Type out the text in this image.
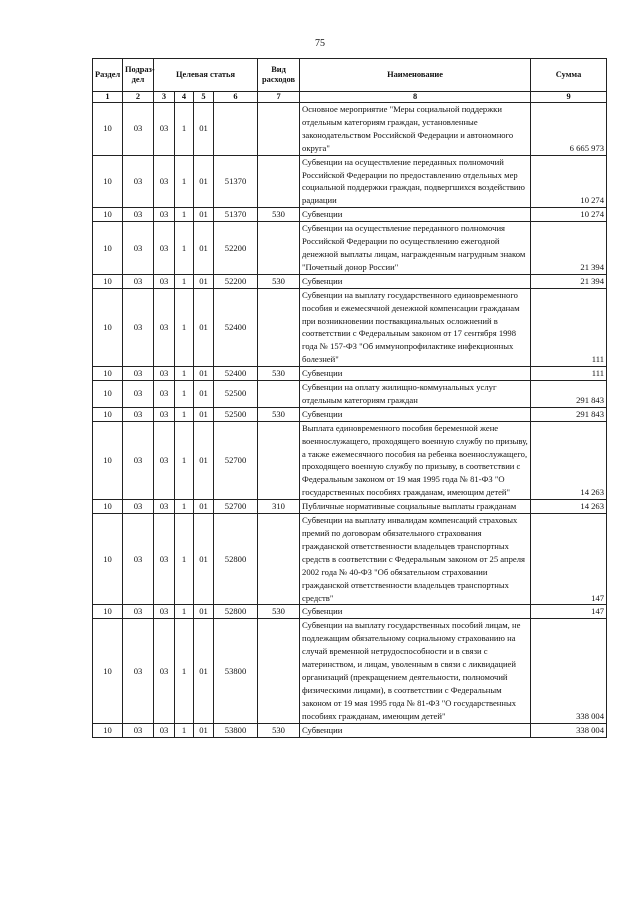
75
Раздел	Подраз-дел	Целевая статья				Вид расходов	Наименование	Сумма
1	2	3	4	5	6	7	8	9
10	03	03	1	01			Основное мероприятие "Меры социальной поддержки отдельным категориям граждан, установленные законодательством Российской Федерации и автономного округа"	6 665 973
10	03	03	1	01	51370		Субвенции на осуществление переданных полномочий Российской Федерации по предоставлению отдельных мер социальной поддержки граждан, подвергшихся воздействию радиации	10 274
10	03	03	1	01	51370	530	Субвенции	10 274
10	03	03	1	01	52200		Субвенции на осуществление переданного полномочия Российской Федерации по осуществлению ежегодной денежной выплаты лицам, награжденным нагрудным знаком "Почетный донор России"	21 394
10	03	03	1	01	52200	530	Субвенции	21 394
10	03	03	1	01	52400		Субвенции на выплату государственного единовременного пособия и ежемесячной денежной компенсации гражданам при возникновении поствакцинальных осложнений в соответствии с Федеральным законом от 17 сентября 1998 года № 157-ФЗ "Об иммунопрофилактике инфекционных болезней"	111
10	03	03	1	01	52400	530	Субвенции	111
10	03	03	1	01	52500		Субвенции на оплату жилищно-коммунальных услуг отдельным категориям граждан	291 843
10	03	03	1	01	52500	530	Субвенции	291 843
10	03	03	1	01	52700		Выплата единовременного пособия беременной жене военнослужащего, проходящего военную службу по призыву, а также ежемесячного пособия на ребенка военнослужащего, проходящего военную службу по призыву, в соответствии с Федеральным законом от 19 мая 1995 года № 81-ФЗ "О государственных пособиях гражданам, имеющим детей"	14 263
10	03	03	1	01	52700	310	Публичные нормативные социальные выплаты гражданам	14 263
10	03	03	1	01	52800		Субвенции на выплату инвалидам компенсаций страховых премий по договорам обязательного страхования гражданской ответственности владельцев транспортных средств в соответствии с Федеральным законом от 25 апреля 2002 года № 40-ФЗ "Об обязательном страховании гражданской ответственности владельцев транспортных средств"	147
10	03	03	1	01	52800	530	Субвенции	147
10	03	03	1	01	53800		Субвенции на выплату государственных пособий лицам, не подлежащим обязательному социальному страхованию на случай временной нетрудоспособности и в связи с материнством, и лицам, уволенным в связи с ликвидацией организаций (прекращением деятельности, полномочий физическими лицами), в соответствии с Федеральным законом от 19 мая 1995 года № 81-ФЗ "О государственных пособиях гражданам, имеющим детей"	338 004
10	03	03	1	01	53800	530	Субвенции	338 004
